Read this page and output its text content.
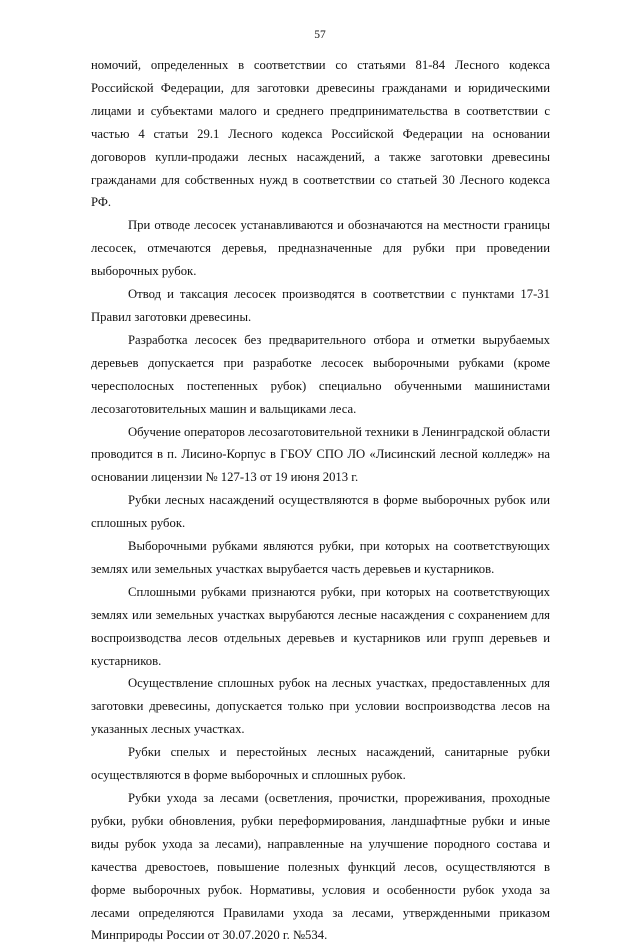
57

номочий, определенных в соответствии со статьями 81-84 Лесного кодекса Российской Федерации, для заготовки древесины гражданами и юридическими лицами и субъектами малого и среднего предпринимательства в соответствии с частью 4 статьи 29.1 Лесного кодекса Российской Федерации на основании договоров купли-продажи лесных насаждений, а также заготовки древесины гражданами для собственных нужд в соответствии со статьей 30 Лесного кодекса РФ.

При отводе лесосек устанавливаются и обозначаются на местности границы лесосек, отмечаются деревья, предназначенные для рубки при проведении выборочных рубок.

Отвод и таксация лесосек производятся в соответствии с пунктами 17-31 Правил заготовки древесины.

Разработка лесосек без предварительного отбора и отметки вырубаемых деревьев допускается при разработке лесосек выборочными рубками (кроме чересполосных постепенных рубок) специально обученными машинистами лесозаготовительных машин и вальщиками леса.

Обучение операторов лесозаготовительной техники в Ленинградской области проводится в п. Лисино-Корпус в ГБОУ СПО ЛО «Лисинский лесной колледж» на основании лицензии № 127-13 от 19 июня 2013 г.

Рубки лесных насаждений осуществляются в форме выборочных рубок или сплошных рубок.

Выборочными рубками являются рубки, при которых на соответствующих землях или земельных участках вырубается часть деревьев и кустарников.

Сплошными рубками признаются рубки, при которых на соответствующих землях или земельных участках вырубаются лесные насаждения с сохранением для воспроизводства лесов отдельных деревьев и кустарников или групп деревьев и кустарников.

Осуществление сплошных рубок на лесных участках, предоставленных для заготовки древесины, допускается только при условии воспроизводства лесов на указанных лесных участках.

Рубки спелых и перестойных лесных насаждений, санитарные рубки осуществляются в форме выборочных и сплошных рубок.

Рубки ухода за лесами (осветления, прочистки, прореживания, проходные рубки, рубки обновления, рубки переформирования, ландшафтные рубки и иные виды рубок ухода за лесами), направленные на улучшение породного состава и качества древостоев, повышение полезных функций лесов, осуществляются в форме выборочных рубок. Нормативы, условия и особенности рубок ухода за лесами определяются Правилами ухода за лесами, утвержденными приказом Минприроды России от 30.07.2020 г. №534.
